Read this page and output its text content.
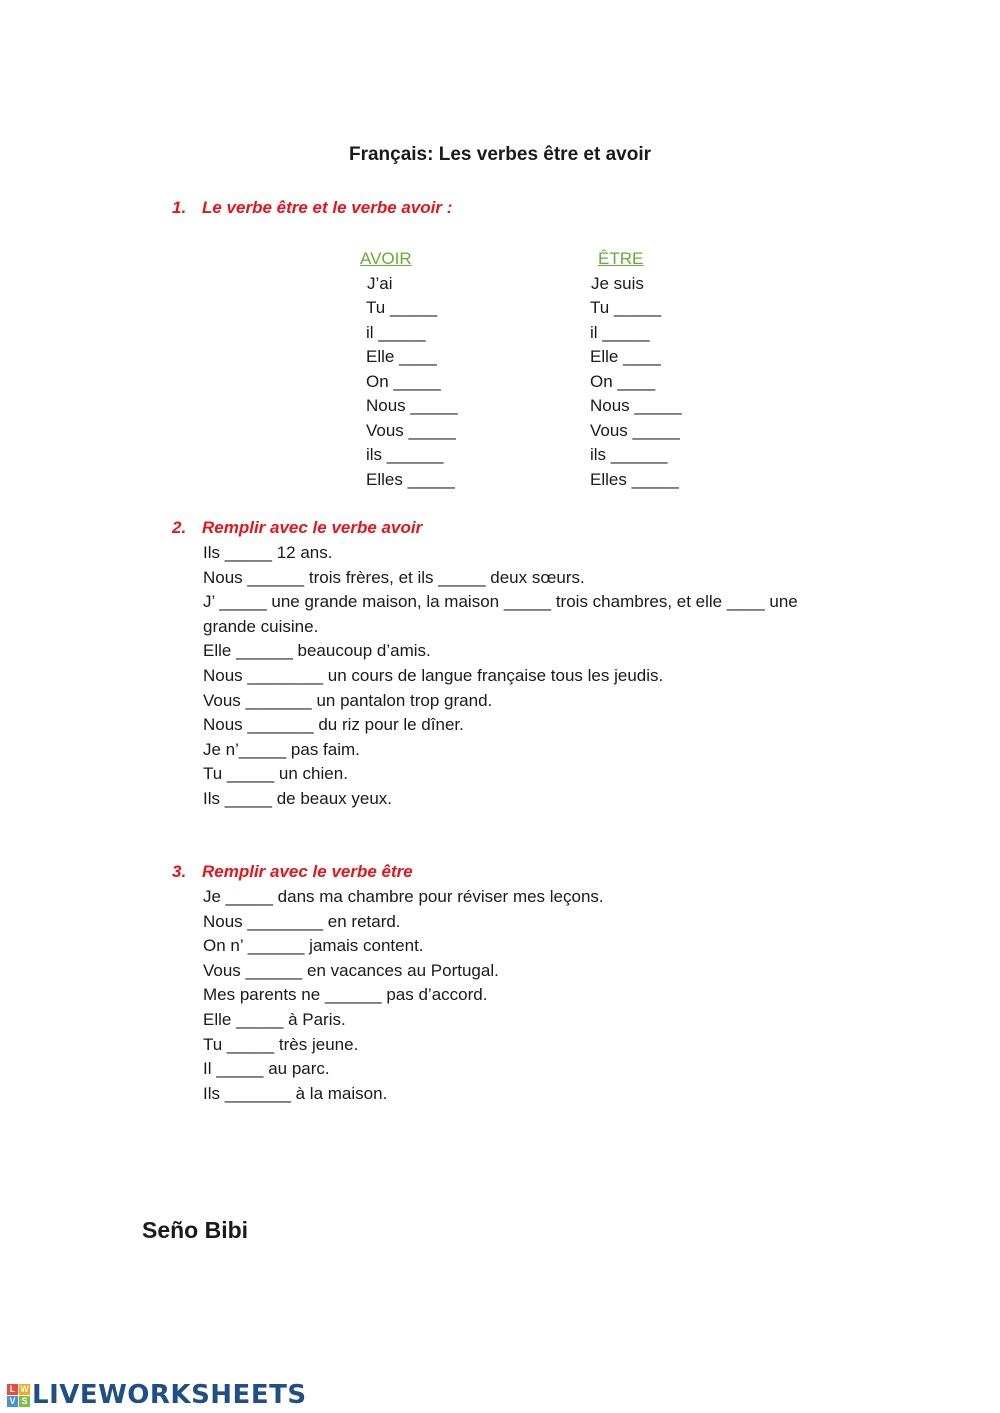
Français: Les verbes être et avoir
1. Le verbe être et le verbe avoir :
AVOIR
J’ai
Tu _____
il _____
Elle ____
On _____
Nous _____
Vous _____
ils ______
Elles _____
ÊTRE
Je suis
Tu _____
il _____
Elle ____
On ____
Nous _____
Vous _____
ils ______
Elles _____
2. Remplir avec le verbe avoir
Ils _____ 12 ans.
Nous ______ trois frères, et ils _____ deux sœurs.
J’ _____ une grande maison, la maison _____ trois chambres, et elle ____ une
grande cuisine.
Elle ______ beaucoup d’amis.
Nous ________ un cours de langue française tous les jeudis.
Vous _______ un pantalon trop grand.
Nous _______ du riz pour le dîner.
Je n’_____ pas faim.
Tu _____ un chien.
Ils _____ de beaux yeux.
3. Remplir avec le verbe être
Je _____ dans ma chambre pour réviser mes leçons.
Nous ________ en retard.
On n’ ______ jamais content.
Vous ______ en vacances au Portugal.
Mes parents ne ______ pas d’accord.
Elle _____ à Paris.
Tu _____ très jeune.
Il _____ au parc.
Ils _______ à la maison.
Seño Bibi
L W
V S LIVEWORKSHEETS
